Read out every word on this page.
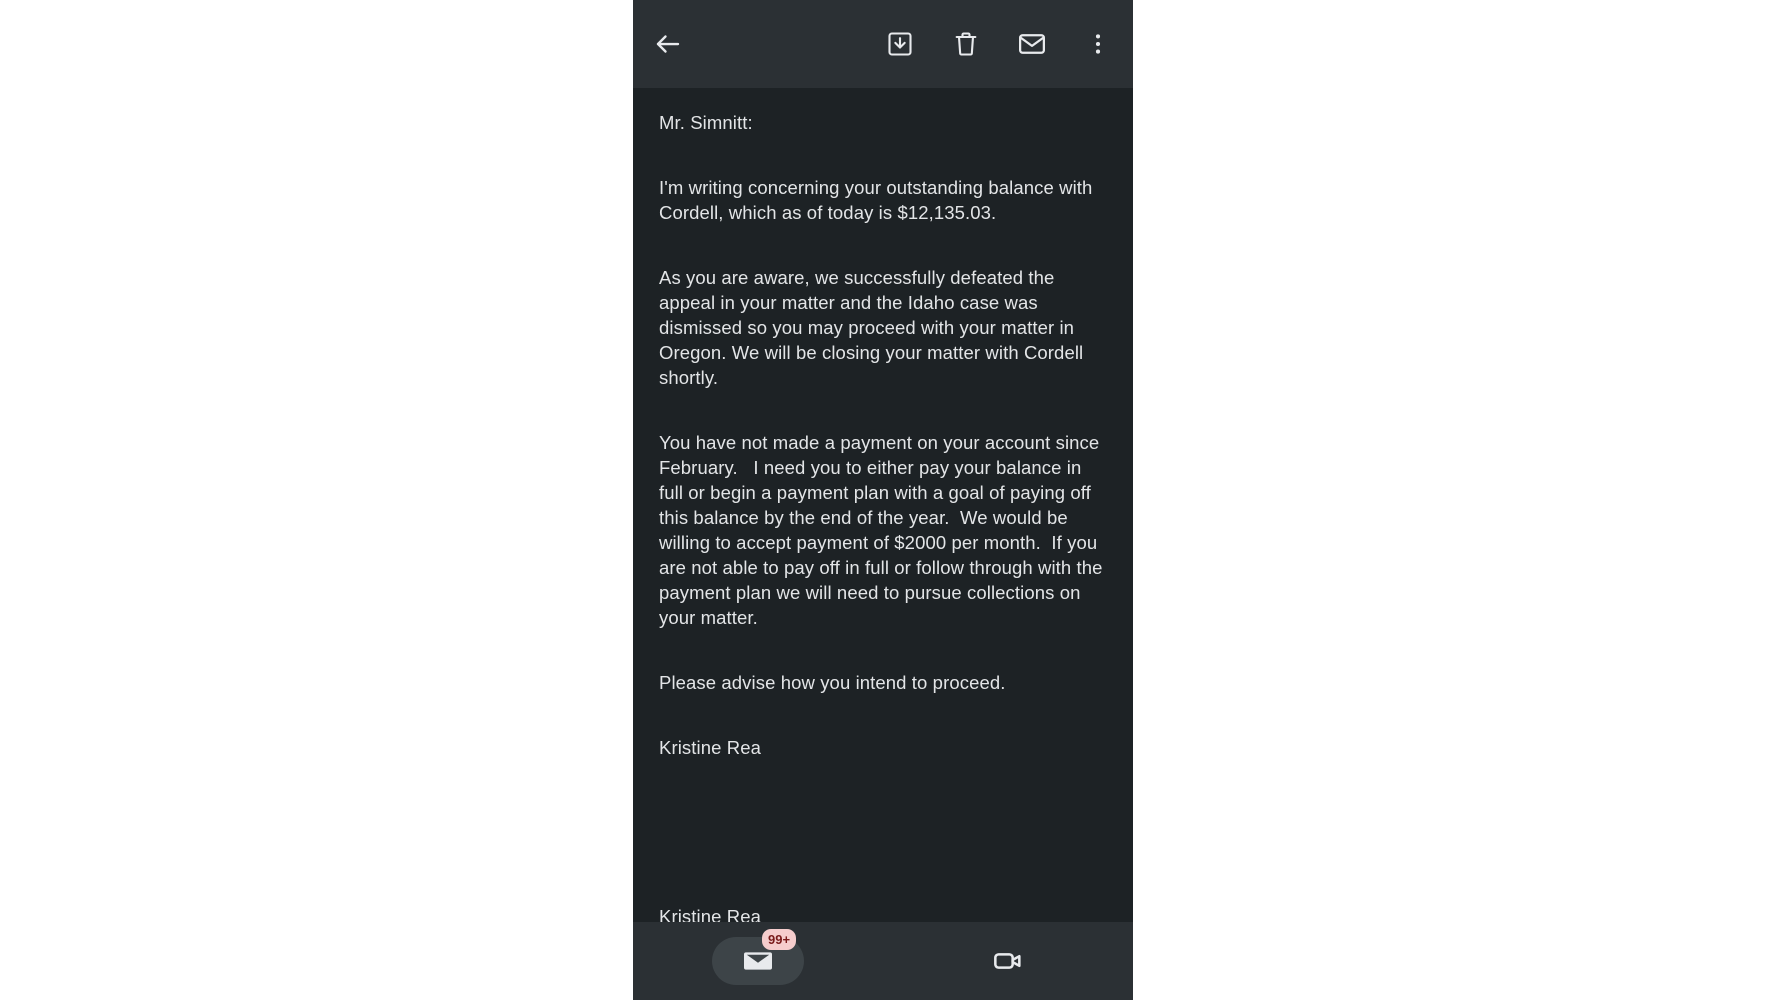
Mr. Simnitt:

I'm writing concerning your outstanding balance with Cordell, which as of today is $12,135.03.

As you are aware, we successfully defeated the appeal in your matter and the Idaho case was dismissed so you may proceed with your matter in Oregon. We will be closing your matter with Cordell shortly.

You have not made a payment on your account since February.   I need you to either pay your balance in full or begin a payment plan with a goal of paying off this balance by the end of the year.  We would be willing to accept payment of $2000 per month.  If you are not able to pay off in full or follow through with the payment plan we will need to pursue collections on your matter.

Please advise how you intend to proceed.

Kristine Rea

Kristine Rea

99+
